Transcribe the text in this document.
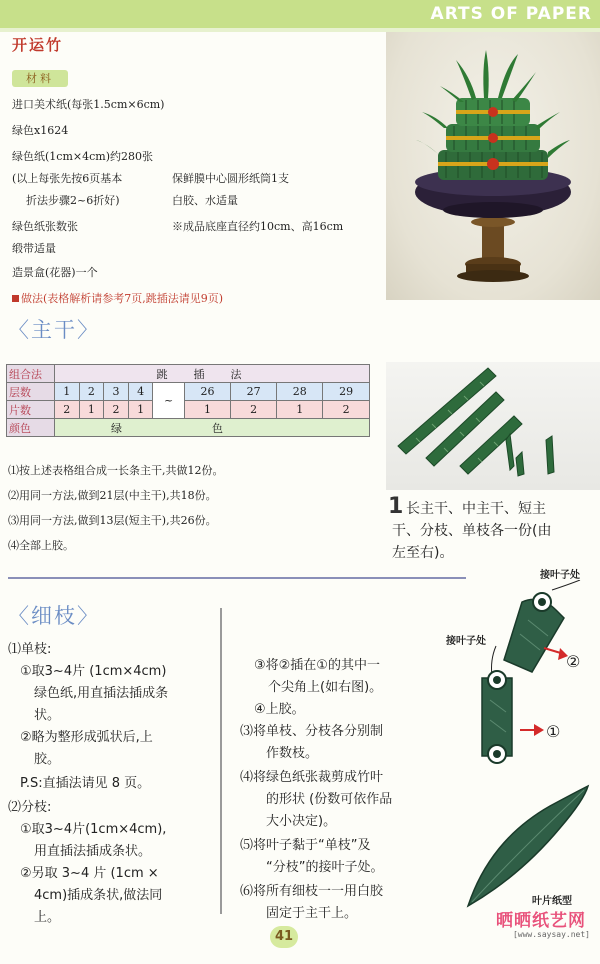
ARTS OF PAPER
开运竹
材料
进口美术纸(每张1.5cm×6cm)
绿色x1624
绿色纸(1cm×4cm)约280张
(以上每张先按6页基本
折法步骤2~6折好)
绿色纸张数张
缎带适量
造景盒(花器)一个
保鲜膜中心圆形纸筒1支
白胶、水适量
※成品底座直径约10cm、高16cm
做法(表格解析请参考7页,跳插法请见9页)
〈主干〉
组合法	跳插法								
层数	1	2	3	4	~	26	27	28	29
片数	2	1	2	1		1	2	1	2
颜色	绿色								
⑴按上述表格组合成一长条主干,共做12份。
⑵用同一方法,做到21层(中主干),共18份。
⑶用同一方法,做到13层(短主干),共26份。
⑷全部上胶。
1 长主干、中主干、短主
干、分枝、单枝各一份(由
左至右)。
〈细枝〉
⑴单枝:
①取3~4片 (1cm×4cm)
绿色纸,用直插法插成条
状。
②略为整形成弧状后,上
胶。
P.S:直插法请见 8 页。
⑵分枝:
①取3~4片(1cm×4cm),
用直插法插成条状。
②另取 3~4 片 (1cm ×
4cm)插成条状,做法同
上。
③将②插在①的其中一
个尖角上(如右图)。
④上胶。
⑶将单枝、分枝各分别制
作数枝。
⑷将绿色纸张裁剪成竹叶
的形状 (份数可依作品
大小决定)。
⑸将叶子黏于“单枝”及
“分枝”的接叶子处。
⑹将所有细枝一一用白胶
固定于主干上。
接叶子处
接叶子处
②
①
叶片纸型
41
晒晒纸艺网
[www.saysay.net]
